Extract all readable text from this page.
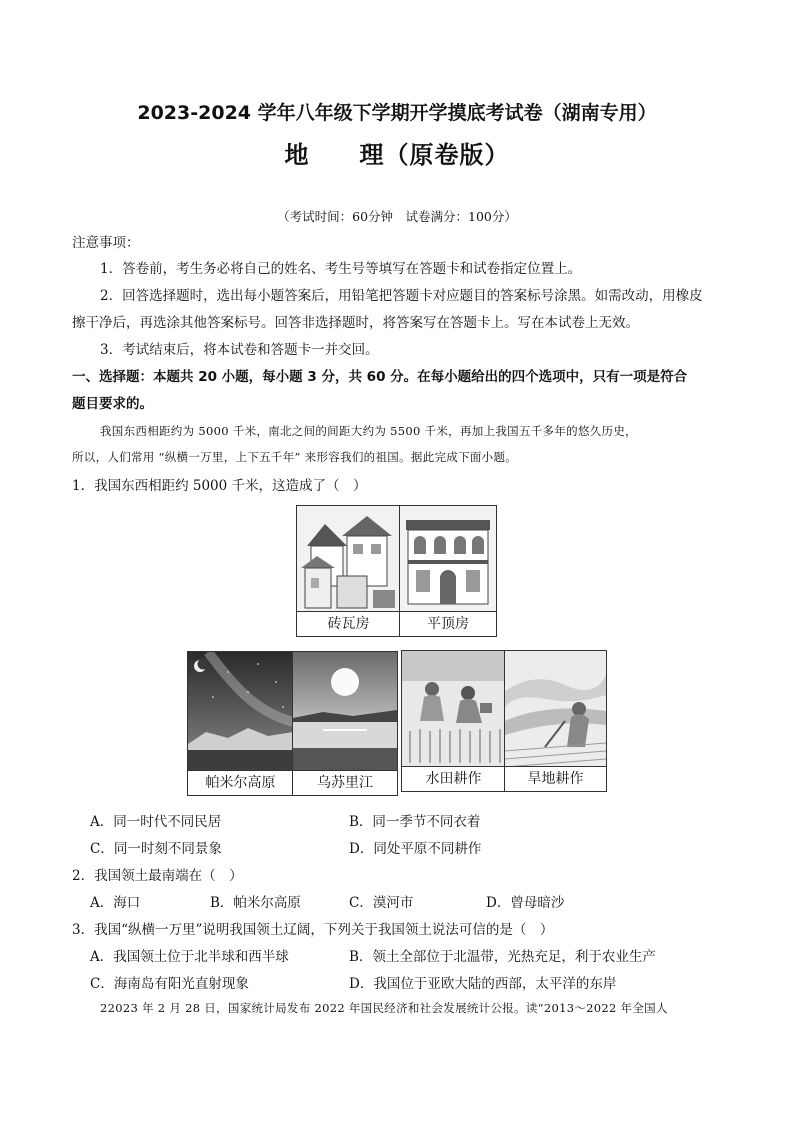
2023-2024 学年八年级下学期开学摸底考试卷（湖南专用）
地　　理（原卷版）
（考试时间：60分钟　试卷满分：100分）
注意事项：
1．答卷前，考生务必将自己的姓名、考生号等填写在答题卡和试卷指定位置上。
2．回答选择题时，选出每小题答案后，用铅笔把答题卡对应题目的答案标号涂黑。如需改动，用橡皮
擦干净后，再选涂其他答案标号。回答非选择题时，将答案写在答题卡上。写在本试卷上无效。
3．考试结束后，将本试卷和答题卡一并交回。
一、选择题：本题共 20 小题，每小题 3 分，共 60 分。在每小题给出的四个选项中，只有一项是符合
题目要求的。
我国东西相距约为 5000 千米，南北之间的间距大约为 5500 千米，再加上我国五千多年的悠久历史，
所以，人们常用 “纵横一万里，上下五千年” 来形容我们的祖国。据此完成下面小题。
1．我国东西相距约 5000 千米，这造成了（　）
砖瓦房	平顶房
帕米尔高原	乌苏里江	水田耕作	旱地耕作
A．同一时代不同民居	B．同一季节不同衣着
C．同一时刻不同景象	D．同处平原不同耕作
2．我国领土最南端在（　）
A．海口	B．帕米尔高原	C．漠河市	D．曾母暗沙
3．我国“纵横一万里”说明我国领土辽阔，下列关于我国领土说法可信的是（　）
A．我国领土位于北半球和西半球	B．领土全部位于北温带，光热充足，利于农业生产
C．海南岛有阳光直射现象	D．我国位于亚欧大陆的西部，太平洋的东岸
22023 年 2 月 28 日，国家统计局发布 2022 年国民经济和社会发展统计公报。读“2013～2022 年全国人
